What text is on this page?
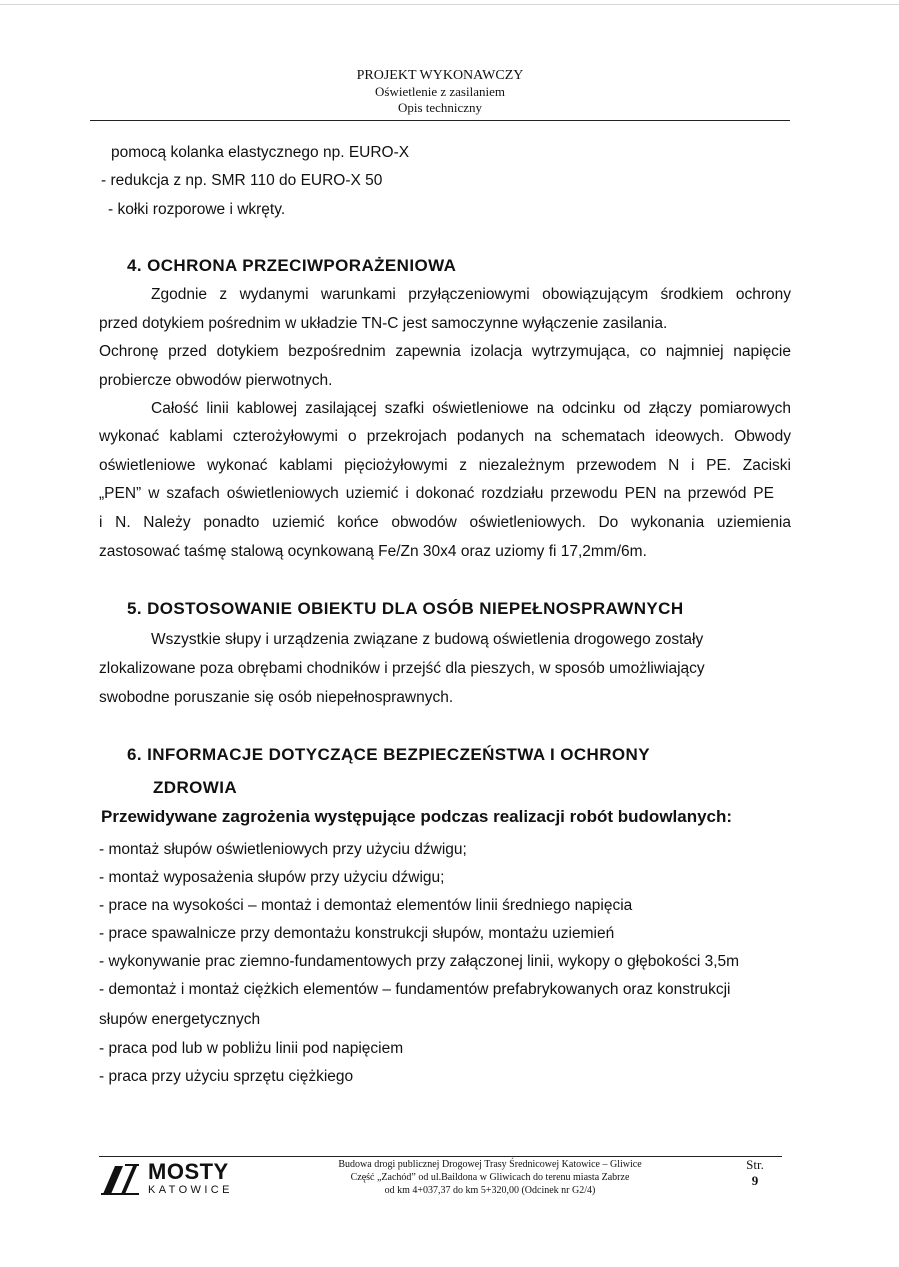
PROJEKT WYKONAWCZY
Oświetlenie z zasilaniem
Opis techniczny
pomocą kolanka elastycznego np. EURO-X
- redukcja z np. SMR 110 do EURO-X 50
- kołki rozporowe i wkręty.
4. OCHRONA PRZECIWPORAŻENIOWA
Zgodnie z wydanymi warunkami przyłączeniowymi obowiązującym środkiem ochrony
przed dotykiem pośrednim w układzie TN-C jest samoczynne wyłączenie zasilania.
Ochronę przed dotykiem bezpośrednim zapewnia izolacja wytrzymująca, co najmniej napięcie
probiercze obwodów pierwotnych.
Całość linii kablowej zasilającej szafki oświetleniowe na odcinku od złączy pomiarowych
wykonać kablami czterożyłowymi o przekrojach podanych na schematach ideowych. Obwody
oświetleniowe wykonać kablami pięciożyłowymi z niezależnym przewodem N i PE. Zaciski
„PEN” w szafach oświetleniowych uziemić i dokonać rozdziału przewodu PEN na przewód PE
i N. Należy ponadto uziemić końce obwodów oświetleniowych. Do wykonania uziemienia
zastosować taśmę stalową ocynkowaną Fe/Zn 30x4 oraz uziomy fi 17,2mm/6m.
5. DOSTOSOWANIE OBIEKTU DLA OSÓB NIEPEŁNOSPRAWNYCH
Wszystkie słupy i urządzenia związane z budową oświetlenia drogowego zostały
zlokalizowane poza obrębami chodników i przejść dla pieszych, w sposób umożliwiający
swobodne poruszanie się osób niepełnosprawnych.
6. INFORMACJE DOTYCZĄCE BEZPIECZEŃSTWA I OCHRONY
ZDROWIA
Przewidywane zagrożenia występujące podczas realizacji robót budowlanych:
- montaż słupów oświetleniowych przy użyciu dźwigu;
- montaż wyposażenia słupów przy użyciu dźwigu;
- prace na wysokości – montaż i demontaż elementów linii średniego napięcia
- prace spawalnicze przy demontażu konstrukcji słupów, montażu uziemień
- wykonywanie prac ziemno-fundamentowych przy załączonej linii, wykopy o głębokości 3,5m
- demontaż i montaż ciężkich elementów – fundamentów prefabrykowanych oraz konstrukcji
słupów energetycznych
- praca pod lub w pobliżu linii pod napięciem
- praca przy użyciu sprzętu ciężkiego
MOSTY
KATOWICE
Budowa drogi publicznej Drogowej Trasy Średnicowej Katowice – Gliwice
Część „Zachód” od ul.Baildona w Gliwicach do terenu miasta Zabrze
od km 4+037,37 do km 5+320,00 (Odcinek nr G2/4)
Str.
9
